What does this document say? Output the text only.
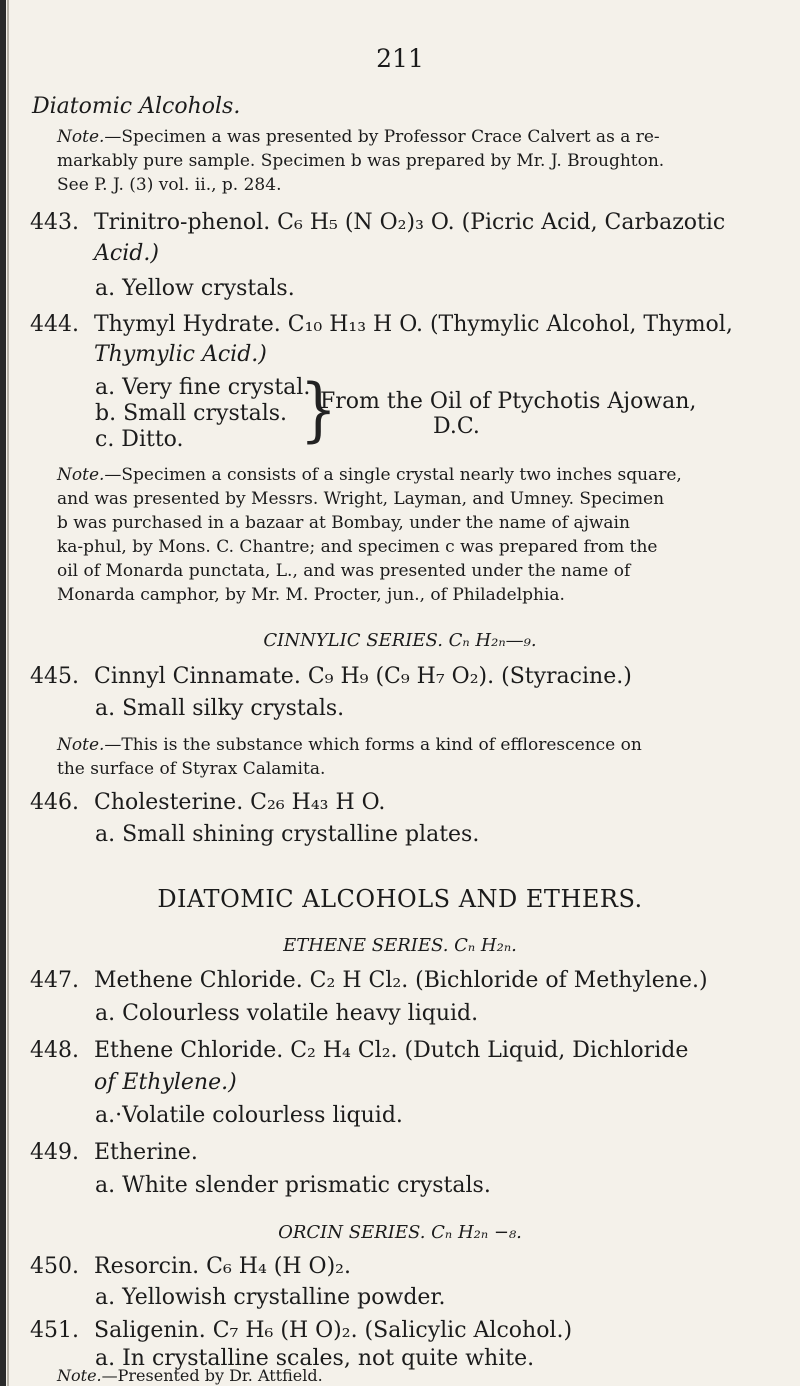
211
Diatomic Alcohols.
Note.—Specimen a was presented by Professor Crace Calvert as a re-
markably pure sample. Specimen b was prepared by Mr. J. Broughton.
See P. J. (3) vol. ii., p. 284.
443. Trinitro-phenol. C₆ H₅ (N O₂)₃ O. (Picric Acid, Carbazotic
Acid.)
a. Yellow crystals.
444. Thymyl Hydrate. C₁₀ H₁₃ H O. (Thymylic Alcohol, Thymol,
Thymylic Acid.)
a. Very fine crystal.
b. Small crystals.
c. Ditto. }
From the Oil of Ptychotis Ajowan,
D.C.
Note.—Specimen a consists of a single crystal nearly two inches square,
and was presented by Messrs. Wright, Layman, and Umney. Specimen
b was purchased in a bazaar at Bombay, under the name of ajwain
ka-phul, by Mons. C. Chantre; and specimen c was prepared from the
oil of Monarda punctata, L., and was presented under the name of
Monarda camphor, by Mr. M. Procter, jun., of Philadelphia.
CINNYLIC SERIES. Cₙ H₂ₙ—₉.
445. Cinnyl Cinnamate. C₉ H₉ (C₉ H₇ O₂). (Styracine.)
a. Small silky crystals.
Note.—This is the substance which forms a kind of efflorescence on
the surface of Styrax Calamita.
446. Cholesterine. C₂₆ H₄₃ H O.
a. Small shining crystalline plates.
DIATOMIC ALCOHOLS AND ETHERS.
ETHENE SERIES. Cₙ H₂ₙ.
447. Methene Chloride. C₂ H Cl₂. (Bichloride of Methylene.)
a. Colourless volatile heavy liquid.
448. Ethene Chloride. C₂ H₄ Cl₂. (Dutch Liquid, Dichloride
of Ethylene.)
a.·Volatile colourless liquid.
449. Etherine.
a. White slender prismatic crystals.
ORCIN SERIES. Cₙ H₂ₙ −₈.
450. Resorcin. C₆ H₄ (H O)₂.
a. Yellowish crystalline powder.
451. Saligenin. C₇ H₆ (H O)₂. (Salicylic Alcohol.)
a. In crystalline scales, not quite white.
Note.—Presented by Dr. Attfield.
